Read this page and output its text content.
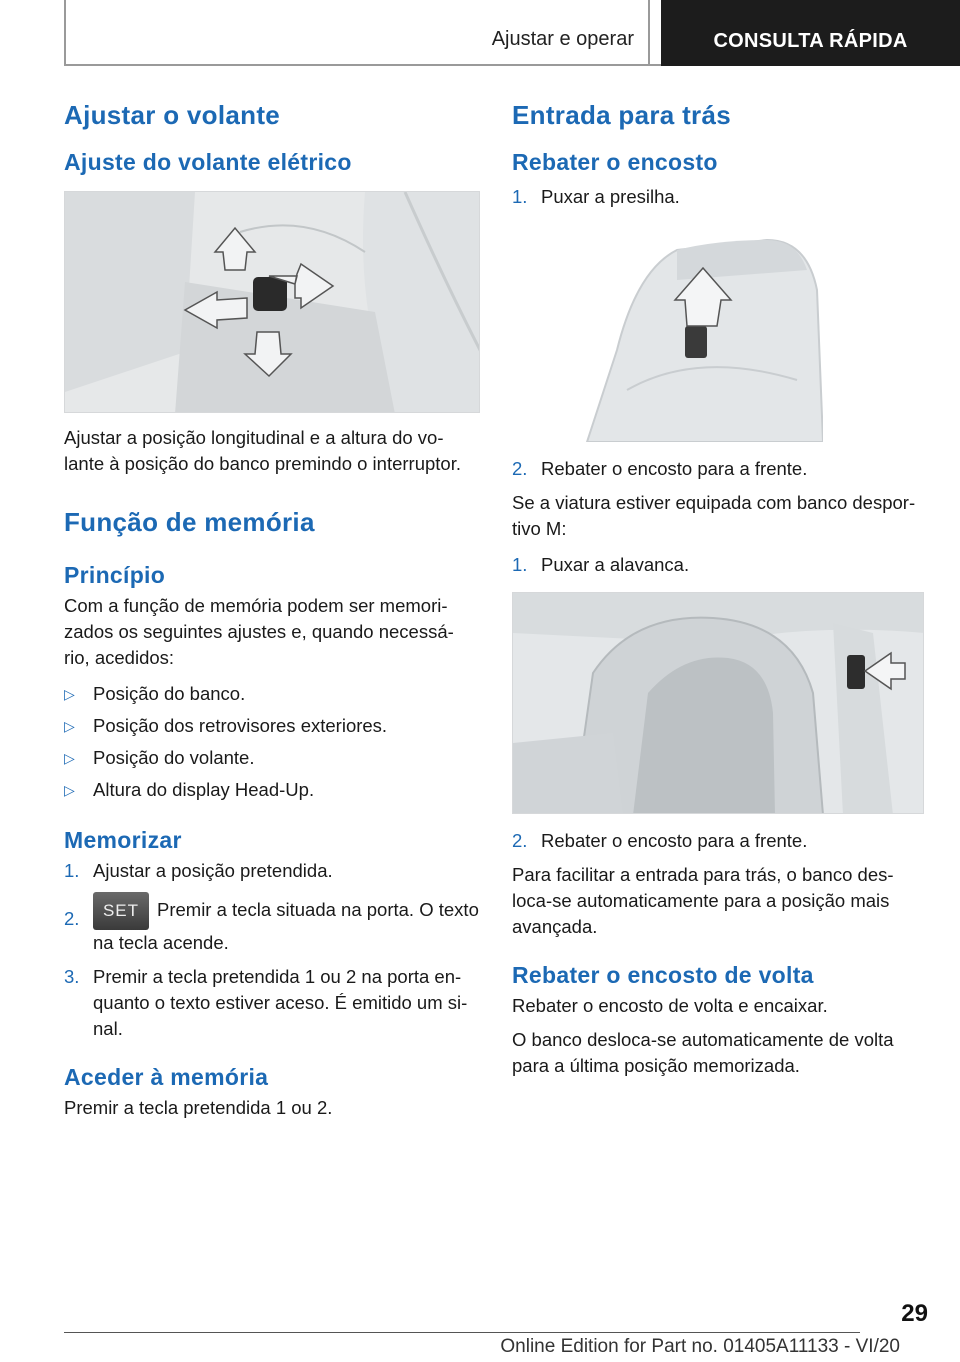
Ajustar e operar	CONSULTA RÁPIDA
Ajustar o volante
Ajuste do volante elétrico

Ajustar a posição longitudinal e a altura do vo‐ lante à posição do banco premindo o interruptor.

Função de memória
Princípio

Com a função de memória podem ser memori‐ zados os seguintes ajustes e, quando necessá‐ rio, acedidos:

▷ Posição do banco.
▷ Posição dos retrovisores exteriores.
▷ Posição do volante.
▷ Altura do display Head-Up.
Memorizar
1. Ajustar a posição pretendida.
2. SET Premir a tecla situada na porta. O texto na tecla acende.
3. Premir a tecla pretendida 1 ou 2 na porta en‐ quanto o texto estiver aceso. É emitido um si‐ nal.
Aceder à memória

Premir a tecla pretendida 1 ou 2.

Entrada para trás
Rebater o encosto
1. Puxar a presilha.
2. Rebater o encosto para a frente.

Se a viatura estiver equipada com banco despor‐ tivo M:

1. Puxar a alavanca.
2. Rebater o encosto para a frente.

Para facilitar a entrada para trás, o banco des‐ loca-se automaticamente para a posição mais avançada.

Rebater o encosto de volta

Rebater o encosto de volta e encaixar.

O banco desloca-se automaticamente de volta para a última posição memorizada.

29
Online Edition for Part no. 01405A11133 - VI/20
